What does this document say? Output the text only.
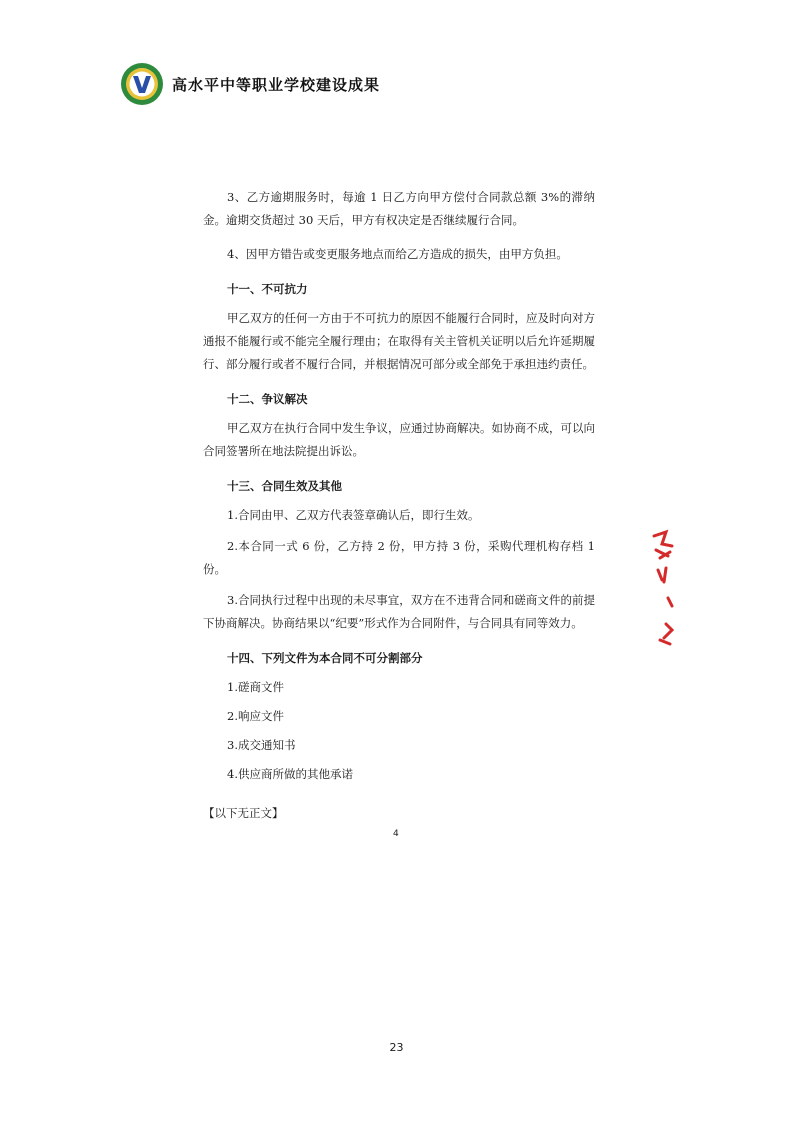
· · · · ·
高水平中等职业学校建设成果

3、乙方逾期服务时，每逾 1 日乙方向甲方偿付合同款总额 3%的滞纳金。逾期交货超过 30 天后，甲方有权决定是否继续履行合同。

4、因甲方错告或变更服务地点而给乙方造成的损失，由甲方负担。

十一、不可抗力

甲乙双方的任何一方由于不可抗力的原因不能履行合同时，应及时向对方通报不能履行或不能完全履行理由；在取得有关主管机关证明以后允许延期履行、部分履行或者不履行合同，并根据情况可部分或全部免于承担违约责任。

十二、争议解决

甲乙双方在执行合同中发生争议，应通过协商解决。如协商不成，可以向合同签署所在地法院提出诉讼。

十三、合同生效及其他

1.合同由甲、乙双方代表签章确认后，即行生效。

2.本合同一式 6 份，乙方持 2 份，甲方持 3 份，采购代理机构存档 1 份。

3.合同执行过程中出现的未尽事宜，双方在不违背合同和磋商文件的前提下协商解决。协商结果以“纪要”形式作为合同附件，与合同具有同等效力。

十四、下列文件为本合同不可分割部分

1.磋商文件

2.响应文件

3.成交通知书

4.供应商所做的其他承诺

【以下无正文】
4
23
